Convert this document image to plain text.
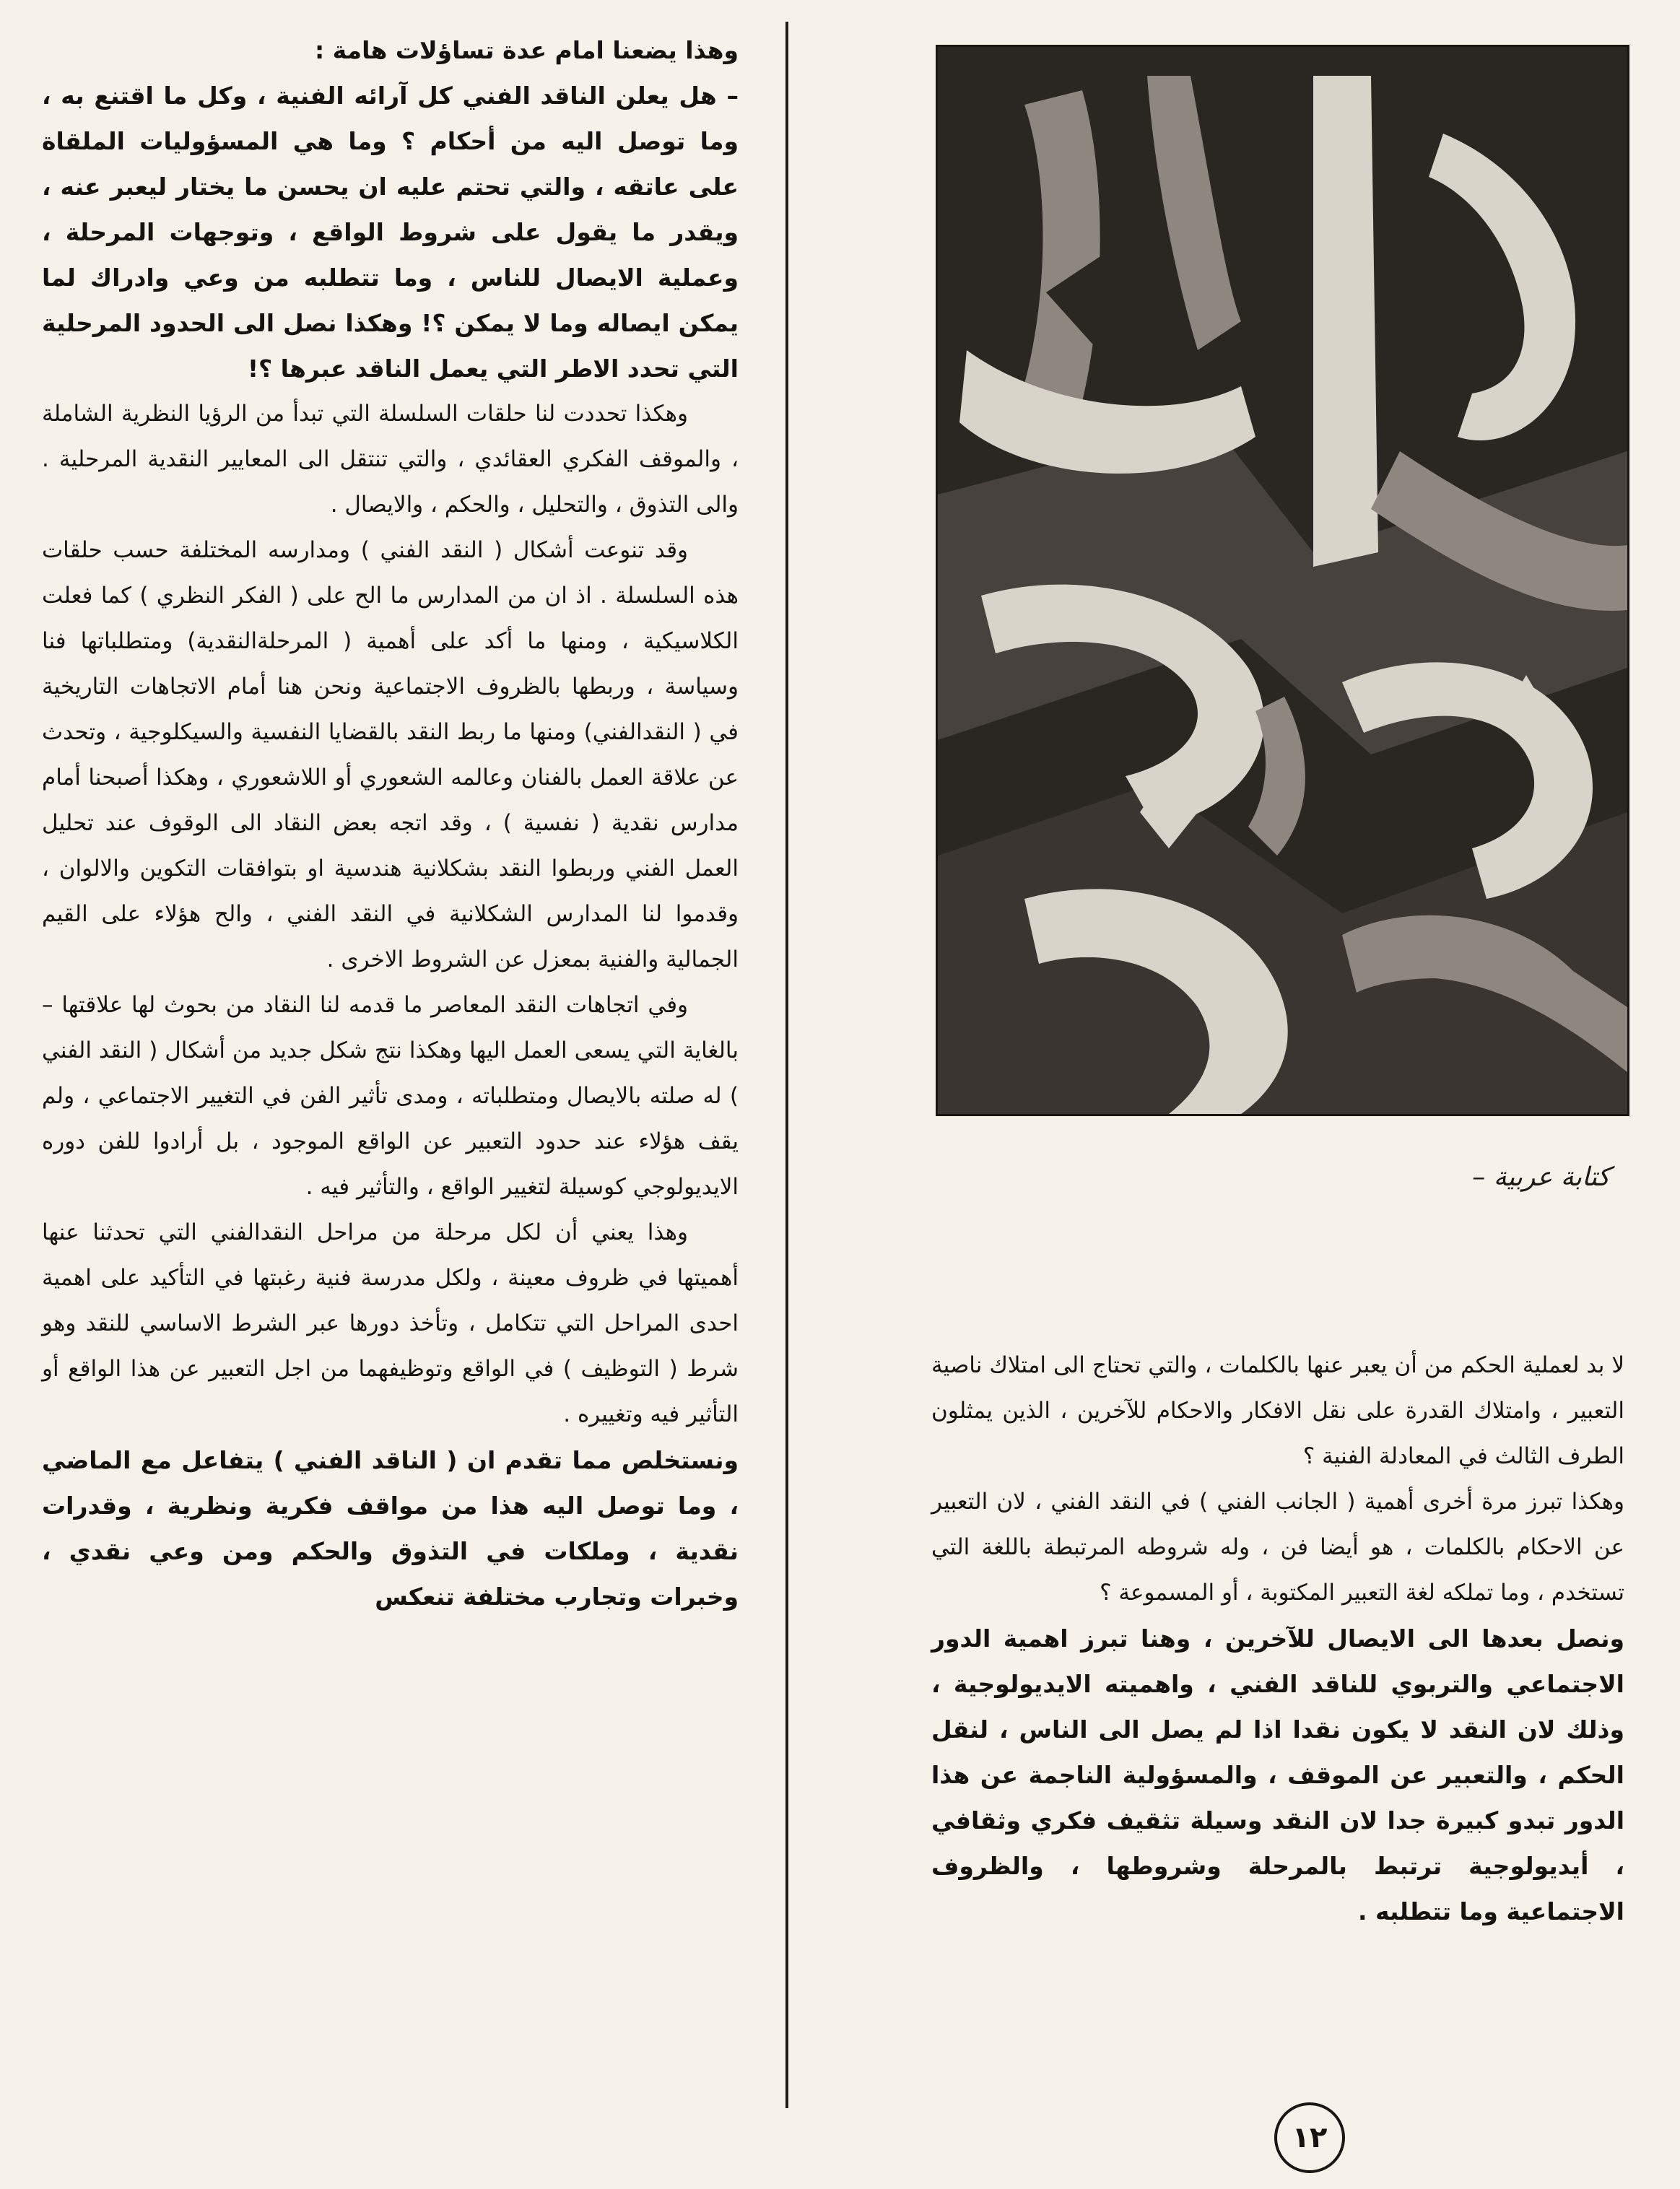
وهذا يضعنا امام عدة تساؤلات هامة :

– هل يعلن الناقد الفني كل آرائه الفنية ، وكل ما اقتنع به ، وما توصل اليه من أحكام ؟ وما هي المسؤوليات الملقاة على عاتقه ، والتي تحتم عليه ان يحسن ما يختار ليعبر عنه ، ويقدر ما يقول على شروط الواقع ، وتوجهات المرحلة ، وعملية الايصال للناس ، وما تتطلبه من وعي وادراك لما يمكن ايصاله وما لا يمكن ؟! وهكذا نصل الى الحدود المرحلية التي تحدد الاطر التي يعمل الناقد عبرها ؟!

وهكذا تحددت لنا حلقات السلسلة التي تبدأ من الرؤيا النظرية الشاملة ، والموقف الفكري العقائدي ، والتي تنتقل الى المعايير النقدية المرحلية . والى التذوق ، والتحليل ، والحكم ، والايصال .

وقد تنوعت أشكال ( النقد الفني ) ومدارسه المختلفة حسب حلقات هذه السلسلة . اذ ان من المدارس ما الح على ( الفكر النظري ) كما فعلت الكلاسيكية ، ومنها ما أكد على أهمية ( المرحلةالنقدية) ومتطلباتها فنا وسياسة ، وربطها بالظروف الاجتماعية ونحن هنا أمام الاتجاهات التاريخية في ( النقدالفني) ومنها ما ربط النقد بالقضايا النفسية والسيكلوجية ، وتحدث عن علاقة العمل بالفنان وعالمه الشعوري أو اللاشعوري ، وهكذا أصبحنا أمام مدارس نقدية ( نفسية ) ، وقد اتجه بعض النقاد الى الوقوف عند تحليل العمل الفني وربطوا النقد بشكلانية هندسية او بتوافقات التكوين والالوان ، وقدموا لنا المدارس الشكلانية في النقد الفني ، والح هؤلاء على القيم الجمالية والفنية بمعزل عن الشروط الاخرى .

وفي اتجاهات النقد المعاصر ما قدمه لنا النقاد من بحوث لها علاقتها – بالغاية التي يسعى العمل اليها وهكذا نتج شكل جديد من أشكال ( النقد الفني ) له صلته بالايصال ومتطلباته ، ومدى تأثير الفن في التغيير الاجتماعي ، ولم يقف هؤلاء عند حدود التعبير عن الواقع الموجود ، بل أرادوا للفن دوره الايديولوجي كوسيلة لتغيير الواقع ، والتأثير فيه .

وهذا يعني أن لكل مرحلة من مراحل النقدالفني التي تحدثنا عنها أهميتها في ظروف معينة ، ولكل مدرسة فنية رغبتها في التأكيد على اهمية احدى المراحل التي تتكامل ، وتأخذ دورها عبر الشرط الاساسي للنقد وهو شرط ( التوظيف ) في الواقع وتوظيفهما من اجل التعبير عن هذا الواقع أو التأثير فيه وتغييره .

ونستخلص مما تقدم ان ( الناقد الفني ) يتفاعل مع الماضي ، وما توصل اليه هذا من مواقف فكرية ونظرية ، وقدرات نقدية ، وملكات في التذوق والحكم ومن وعي نقدي ، وخبرات وتجارب مختلفة تنعكس

كتابة عربية –

لا بد لعملية الحكم من أن يعبر عنها بالكلمات ، والتي تحتاج الى امتلاك ناصية التعبير ، وامتلاك القدرة على نقل الافكار والاحكام للآخرين ، الذين يمثلون الطرف الثالث في المعادلة الفنية ؟

وهكذا تبرز مرة أخرى أهمية ( الجانب الفني ) في النقد الفني ، لان التعبير عن الاحكام بالكلمات ، هو أيضا فن ، وله شروطه المرتبطة باللغة التي تستخدم ، وما تملكه لغة التعبير المكتوبة ، أو المسموعة ؟

ونصل بعدها الى الايصال للآخرين ، وهنا تبرز اهمية الدور الاجتماعي والتربوي للناقد الفني ، واهميته الايديولوجية ، وذلك لان النقد لا يكون نقدا اذا لم يصل الى الناس ، لنقل الحكم ، والتعبير عن الموقف ، والمسؤولية الناجمة عن هذا الدور تبدو كبيرة جدا لان النقد وسيلة تثقيف فكري وثقافي ، أيديولوجية ترتبط بالمرحلة وشروطها ، والظروف الاجتماعية وما تتطلبه .

١٢
